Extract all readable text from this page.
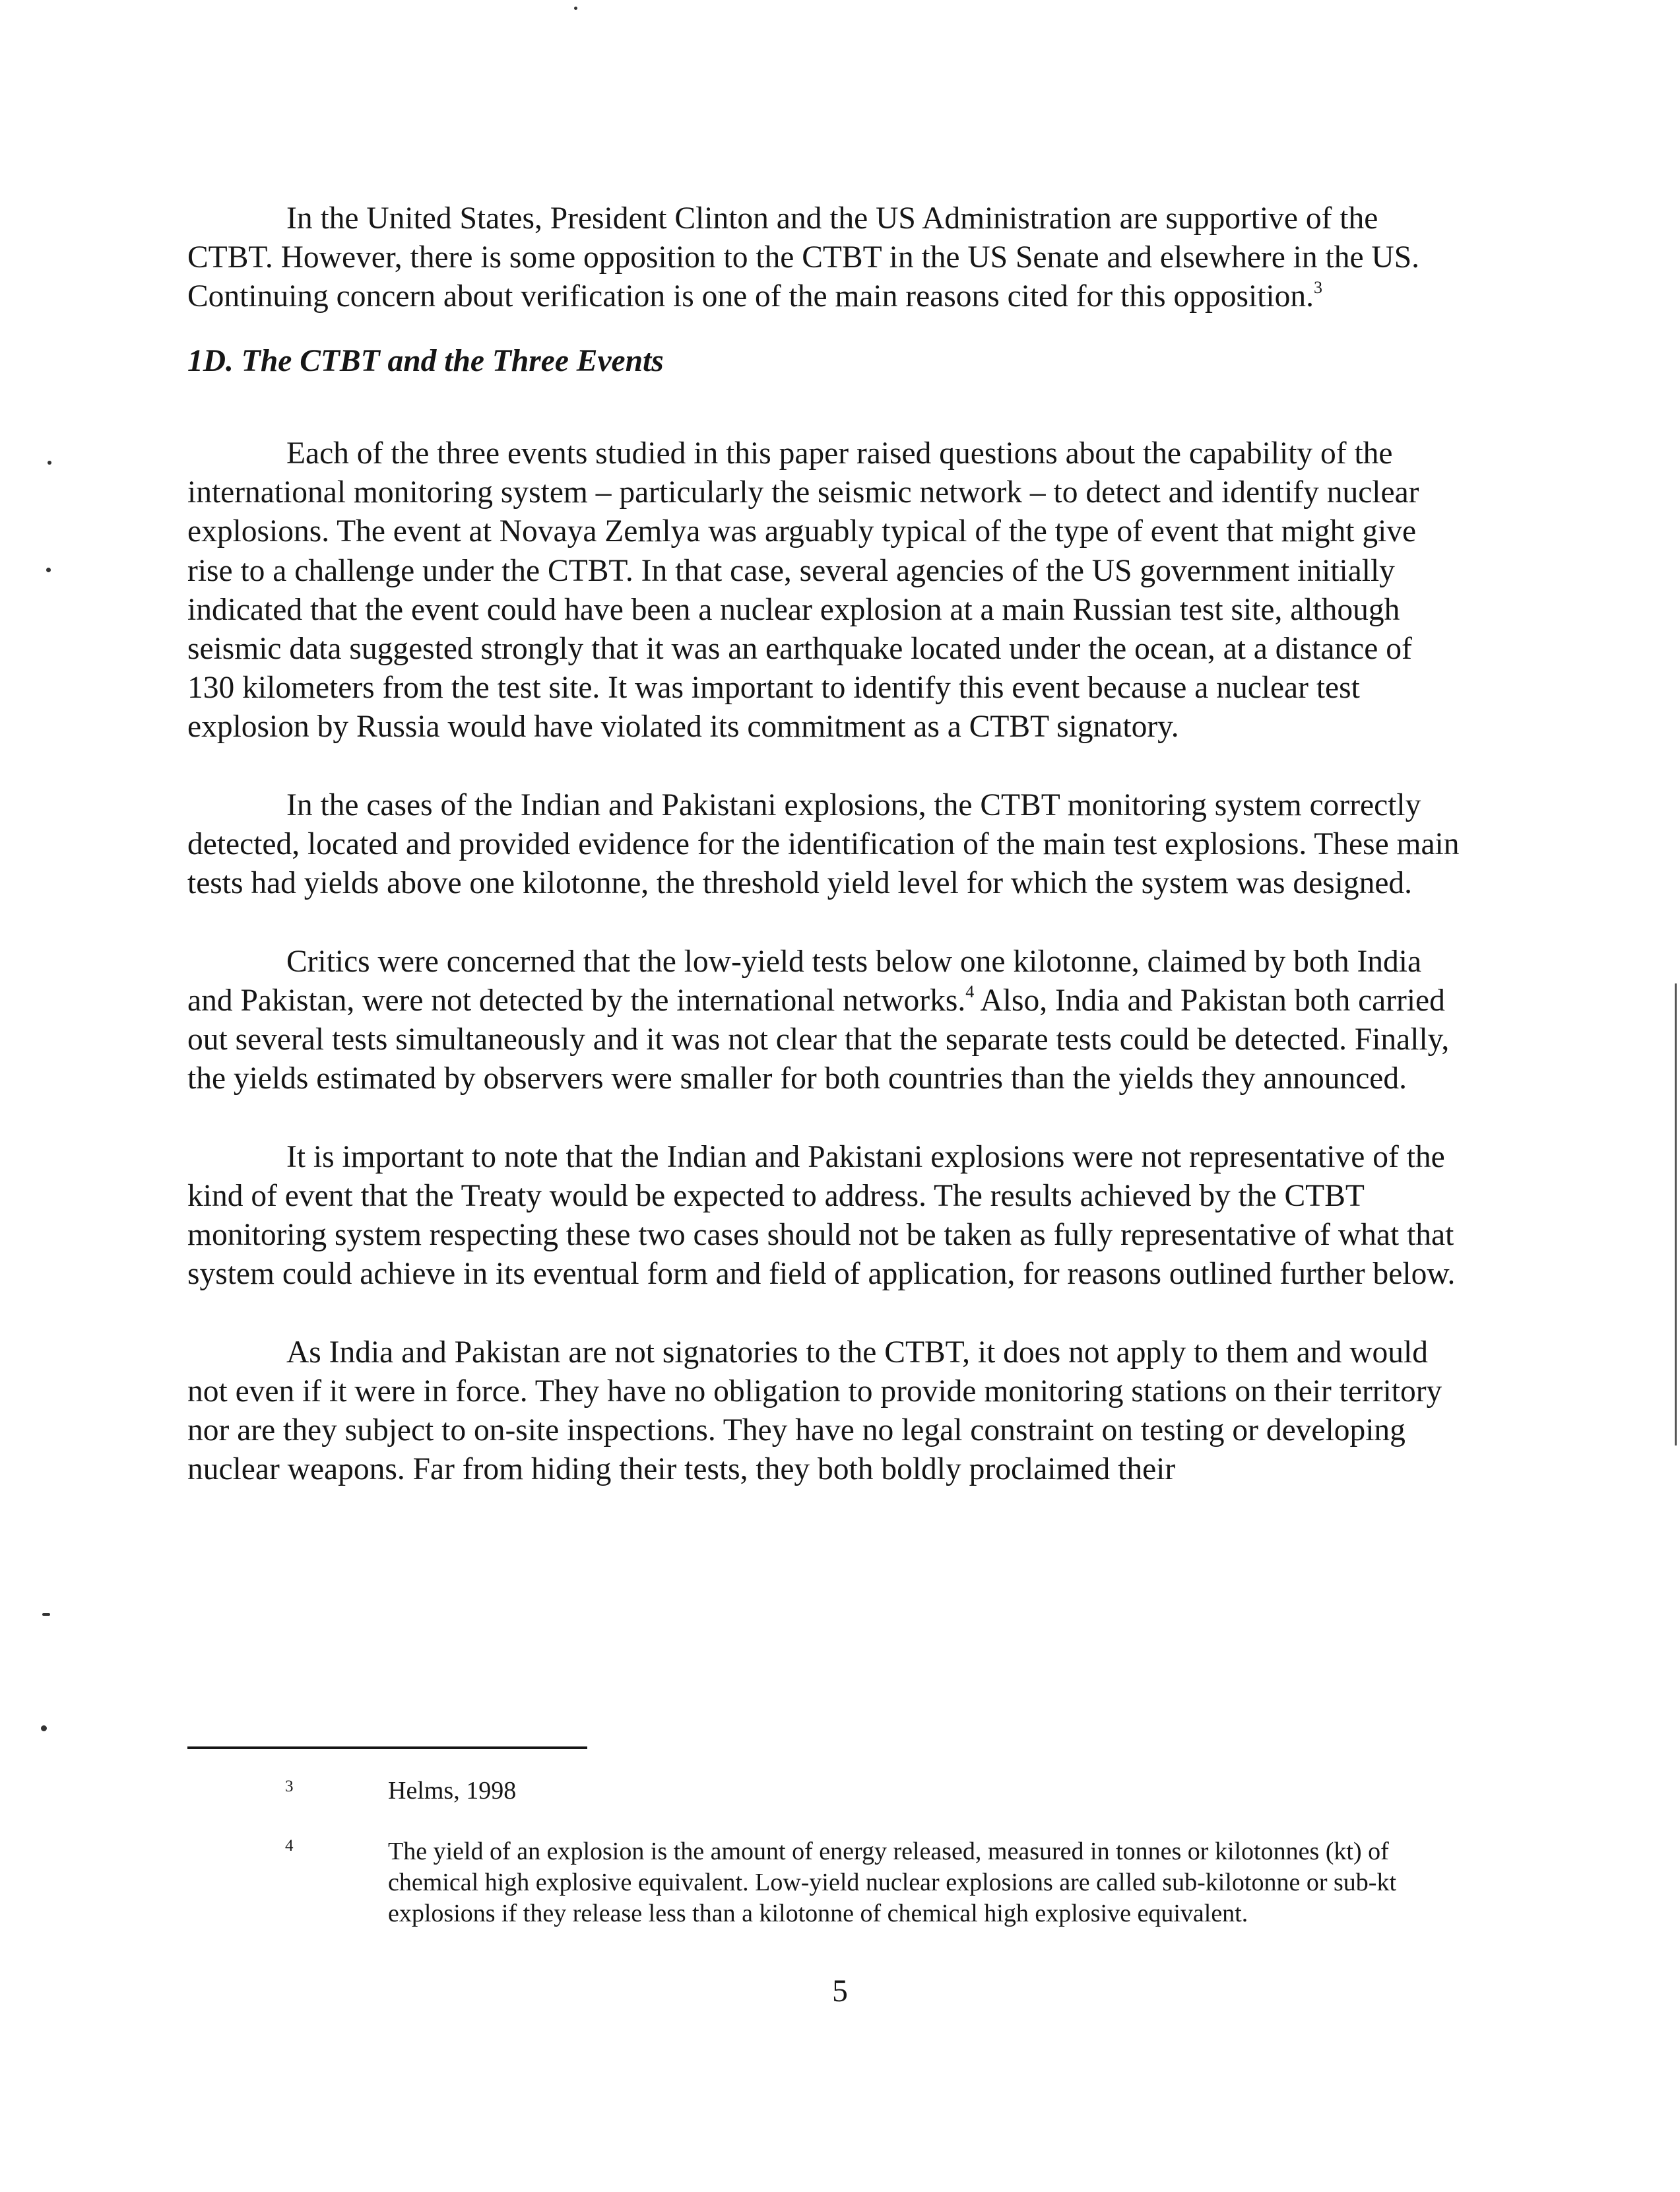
In the United States, President Clinton and the US Administration are supportive of the CTBT. However, there is some opposition to the CTBT in the US Senate and elsewhere in the US. Continuing concern about verification is one of the main reasons cited for this opposition.$^3$

1D. The CTBT and the Three Events

Each of the three events studied in this paper raised questions about the capability of the international monitoring system – particularly the seismic network – to detect and identify nuclear explosions. The event at Novaya Zemlya was arguably typical of the type of event that might give rise to a challenge under the CTBT. In that case, several agencies of the US government initially indicated that the event could have been a nuclear explosion at a main Russian test site, although seismic data suggested strongly that it was an earthquake located under the ocean, at a distance of 130 kilometers from the test site. It was important to identify this event because a nuclear test explosion by Russia would have violated its commitment as a CTBT signatory.

In the cases of the Indian and Pakistani explosions, the CTBT monitoring system correctly detected, located and provided evidence for the identification of the main test explosions. These main tests had yields above one kilotonne, the threshold yield level for which the system was designed.

Critics were concerned that the low-yield tests below one kilotonne, claimed by both India and Pakistan, were not detected by the international networks.$^4$ Also, India and Pakistan both carried out several tests simultaneously and it was not clear that the separate tests could be detected. Finally, the yields estimated by observers were smaller for both countries than the yields they announced.

It is important to note that the Indian and Pakistani explosions were not representative of the kind of event that the Treaty would be expected to address. The results achieved by the CTBT monitoring system respecting these two cases should not be taken as fully representative of what that system could achieve in its eventual form and field of application, for reasons outlined further below.

As India and Pakistan are not signatories to the CTBT, it does not apply to them and would not even if it were in force. They have no obligation to provide monitoring stations on their territory nor are they subject to on-site inspections. They have no legal constraint on testing or developing nuclear weapons. Far from hiding their tests, they both boldly proclaimed their

3	Helms, 1998

4	The yield of an explosion is the amount of energy released, measured in tonnes or kilotonnes (kt) of chemical high explosive equivalent. Low-yield nuclear explosions are called sub-kilotonne or sub-kt explosions if they release less than a kilotonne of chemical high explosive equivalent.

5
